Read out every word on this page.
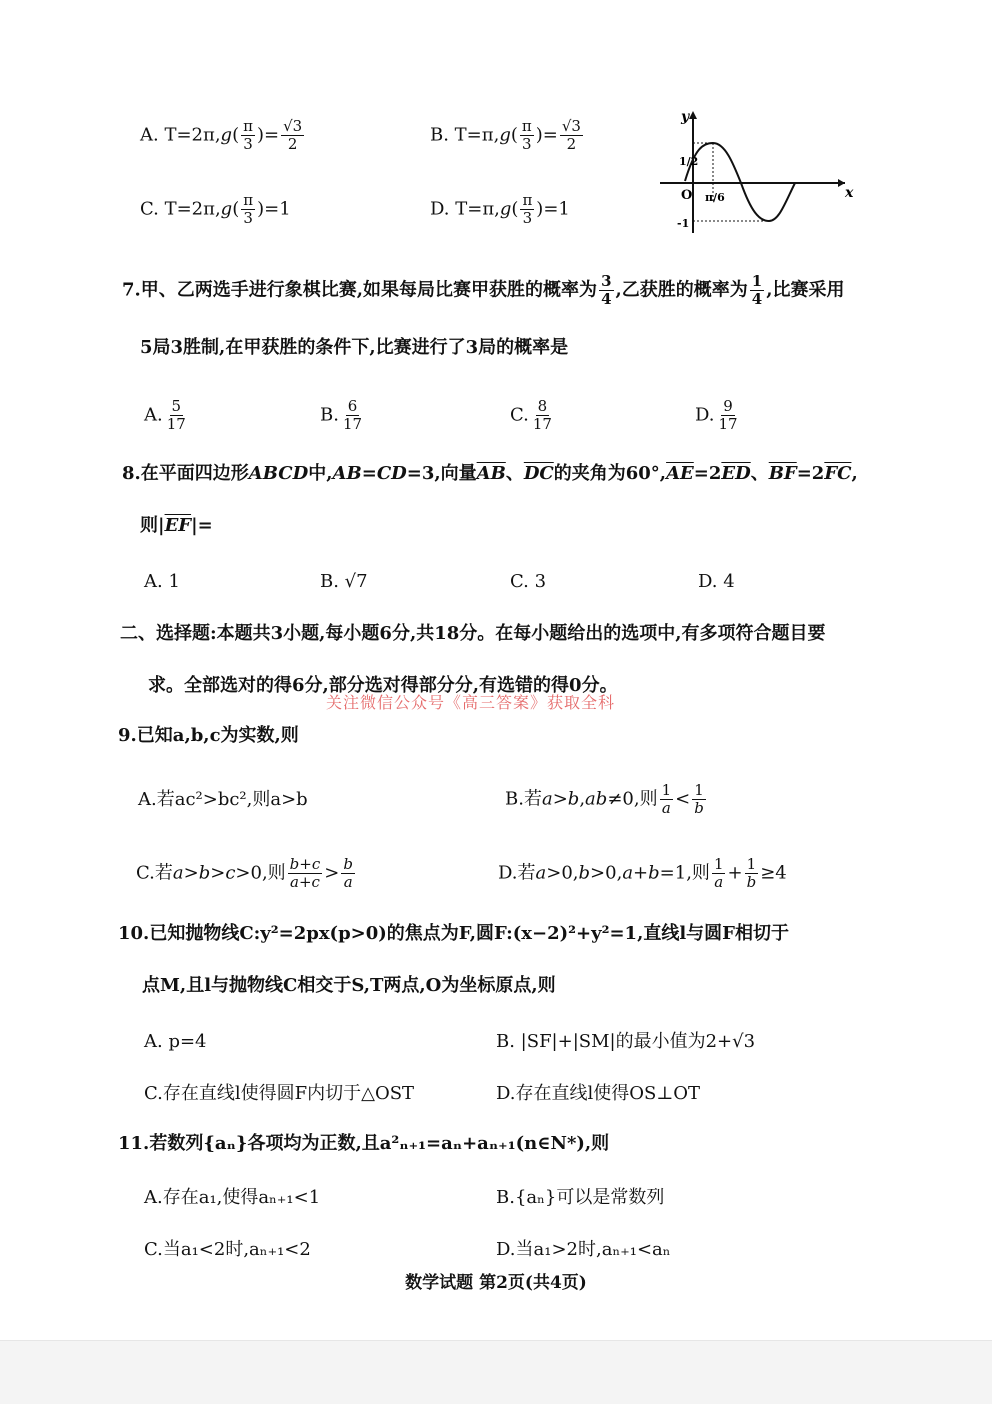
A. $T=2\pi,g( \frac{\pi}{3}$ )= $\frac{√3}{2}$	B. $T=\pi,g( \frac{\pi}{3}$ )= $\frac{√3}{2}$
C. $T=2\pi,g( \frac{\pi}{3} )=1$	D. $T=\pi,g( \frac{\pi}{3} )=1$
y
x
O
1/2
π/6
-1
7.甲、乙两选手进行象棋比赛,如果每局比赛甲获胜的概率为 $\frac{3}{4}$ ,乙获胜的概率为 $\frac{1}{4}$ ,比赛采用
5局3胜制,在甲获胜的条件下,比赛进行了3局的概率是
A. $\frac{5}{17}$	B. $\frac{6}{17}$	C. $\frac{8}{17}$	D. $\frac{9}{17}$
8.在平面四边形ABCD中,AB=CD=3,向量$\overline{AB}$、$\overline{DC}$的夹角为$60^\circ,\overline{AE}=2\overline{ED}$、$\overline{BF}=2\overline{FC}$,
则$|\overline{EF}|=$
A. 1	B. √7	C. 3	D. 4
二、选择题:本题共3小题,每小题6分,共18分。在每小题给出的选项中,有多项符合题目要
求。全部选对的得6分,部分选对得部分分,有选错的得0分。
关注微信公众号《高三答案》获取全科
9.已知a,b,c为实数,则
A.若ac²>bc²,则a>b	B.若a>b,ab≠0,则 $\frac{1}{a} < \frac{1}{b}$
C.若a>b>c>0,则 $\frac{b+c}{a+c} > \frac{b}{a}$	D.若a>0,b>0,a+b=1,则 $\frac{1}{a} + \frac{1}{b} \ge 4$
10.已知抛物线C:y²=2px(p>0)的焦点为F,圆F:(x−2)²+y²=1,直线l与圆F相切于
点M,且l与抛物线C相交于S,T两点,O为坐标原点,则
A. p=4	B. |SF|+|SM|的最小值为2+√3
C.存在直线l使得圆F内切于△OST	D.存在直线l使得OS⊥OT
11.若数列{aₙ}各项均为正数,且a²ₙ₊₁=aₙ+aₙ₊₁(n∈N*),则
A.存在a₁,使得aₙ₊₁<1	B.{aₙ}可以是常数列
C.当a₁<2时,aₙ₊₁<2	D.当a₁>2时,aₙ₊₁<aₙ
数学试题 第2页(共4页)
